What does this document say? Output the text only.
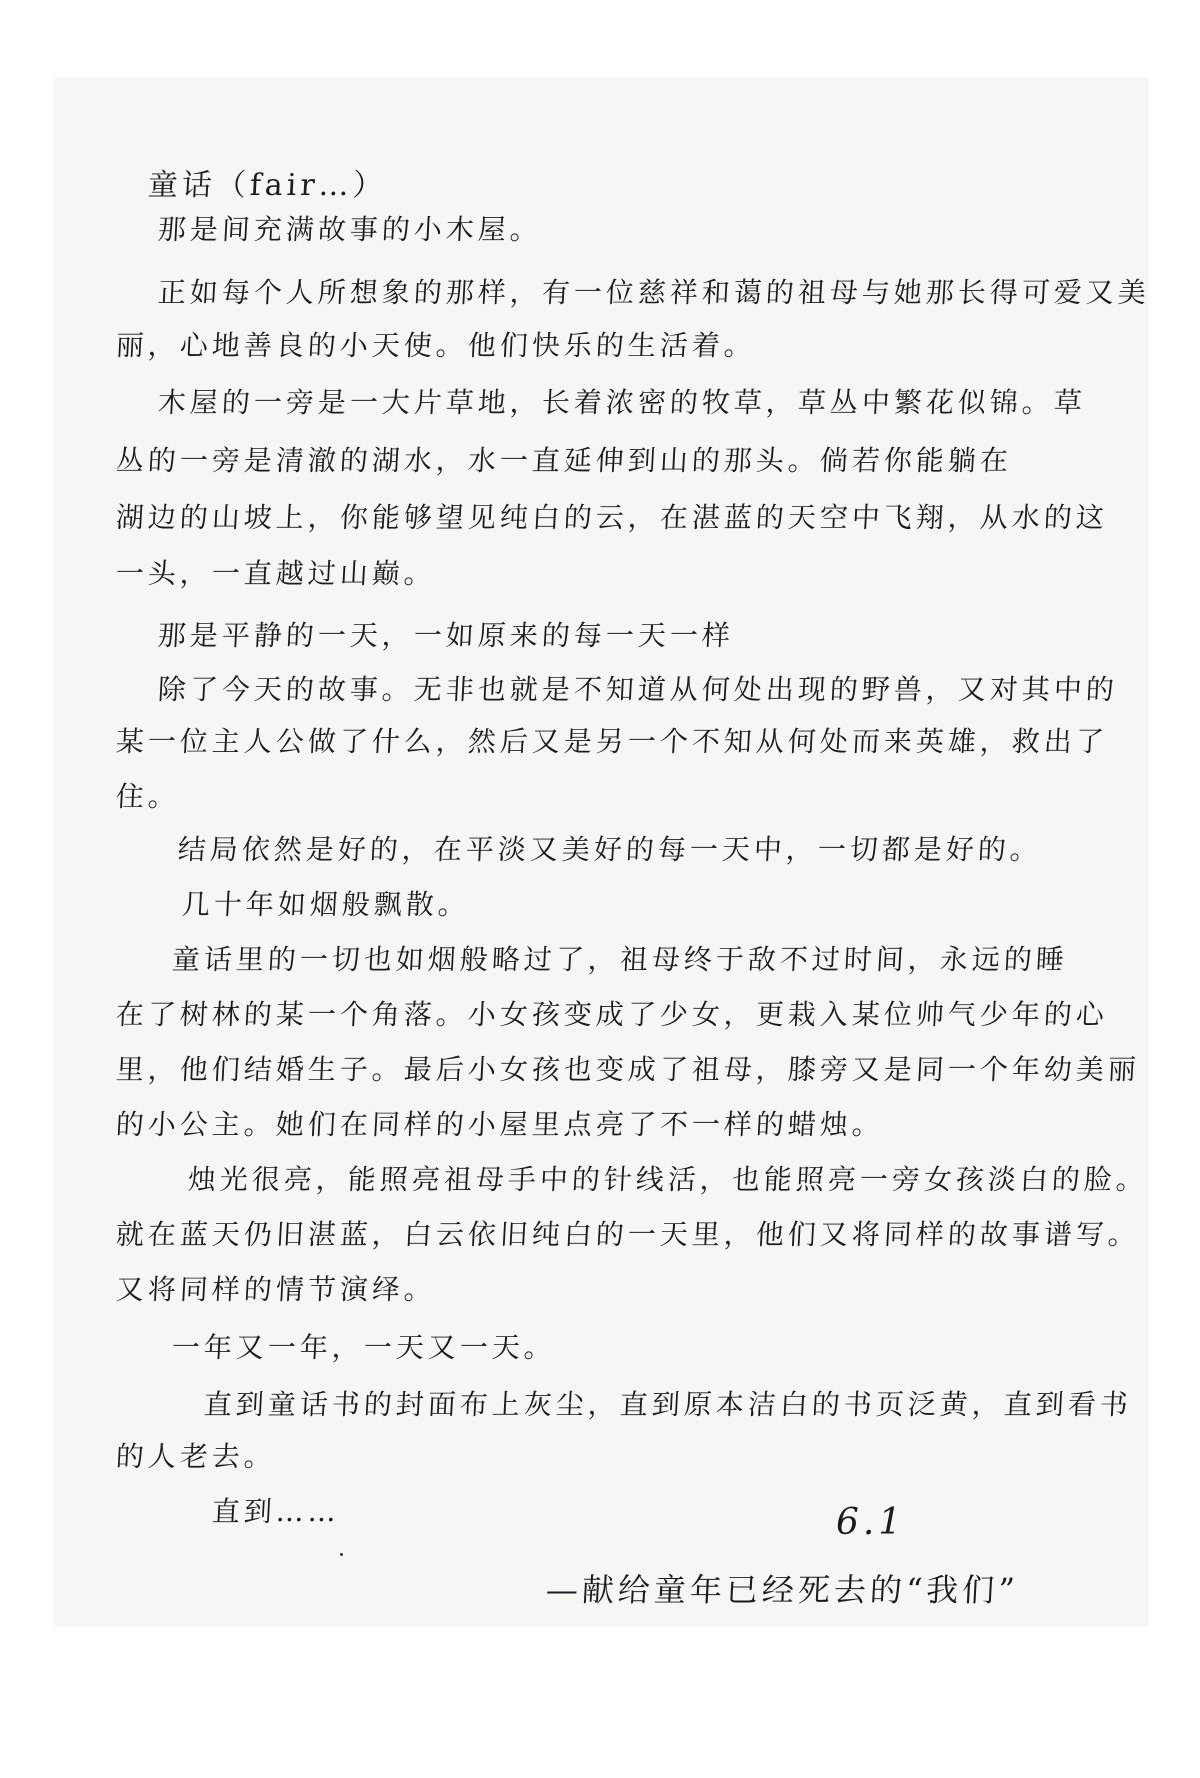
童话（fair…）
那是间充满故事的小木屋。
正如每个人所想象的那样，有一位慈祥和蔼的祖母与她那长得可爱又美
丽，心地善良的小天使。他们快乐的生活着。
木屋的一旁是一大片草地，长着浓密的牧草，草丛中繁花似锦。草
丛的一旁是清澈的湖水，水一直延伸到山的那头。倘若你能躺在
湖边的山坡上，你能够望见纯白的云，在湛蓝的天空中飞翔，从水的这
一头，一直越过山巅。
那是平静的一天，一如原来的每一天一样
除了今天的故事。无非也就是不知道从何处出现的野兽，又对其中的
某一位主人公做了什么，然后又是另一个不知从何处而来英雄，救出了
住。
结局依然是好的，在平淡又美好的每一天中，一切都是好的。
几十年如烟般飘散。
童话里的一切也如烟般略过了，祖母终于敌不过时间，永远的睡
在了树林的某一个角落。小女孩变成了少女，更栽入某位帅气少年的心
里，他们结婚生子。最后小女孩也变成了祖母，膝旁又是同一个年幼美丽
的小公主。她们在同样的小屋里点亮了不一样的蜡烛。
烛光很亮，能照亮祖母手中的针线活，也能照亮一旁女孩淡白的脸。
就在蓝天仍旧湛蓝，白云依旧纯白的一天里，他们又将同样的故事谱写。
又将同样的情节演绎。
一年又一年，一天又一天。
直到童话书的封面布上灰尘，直到原本洁白的书页泛黄，直到看书
的人老去。
直到……	6.1
—献给童年已经死去的“我们”
